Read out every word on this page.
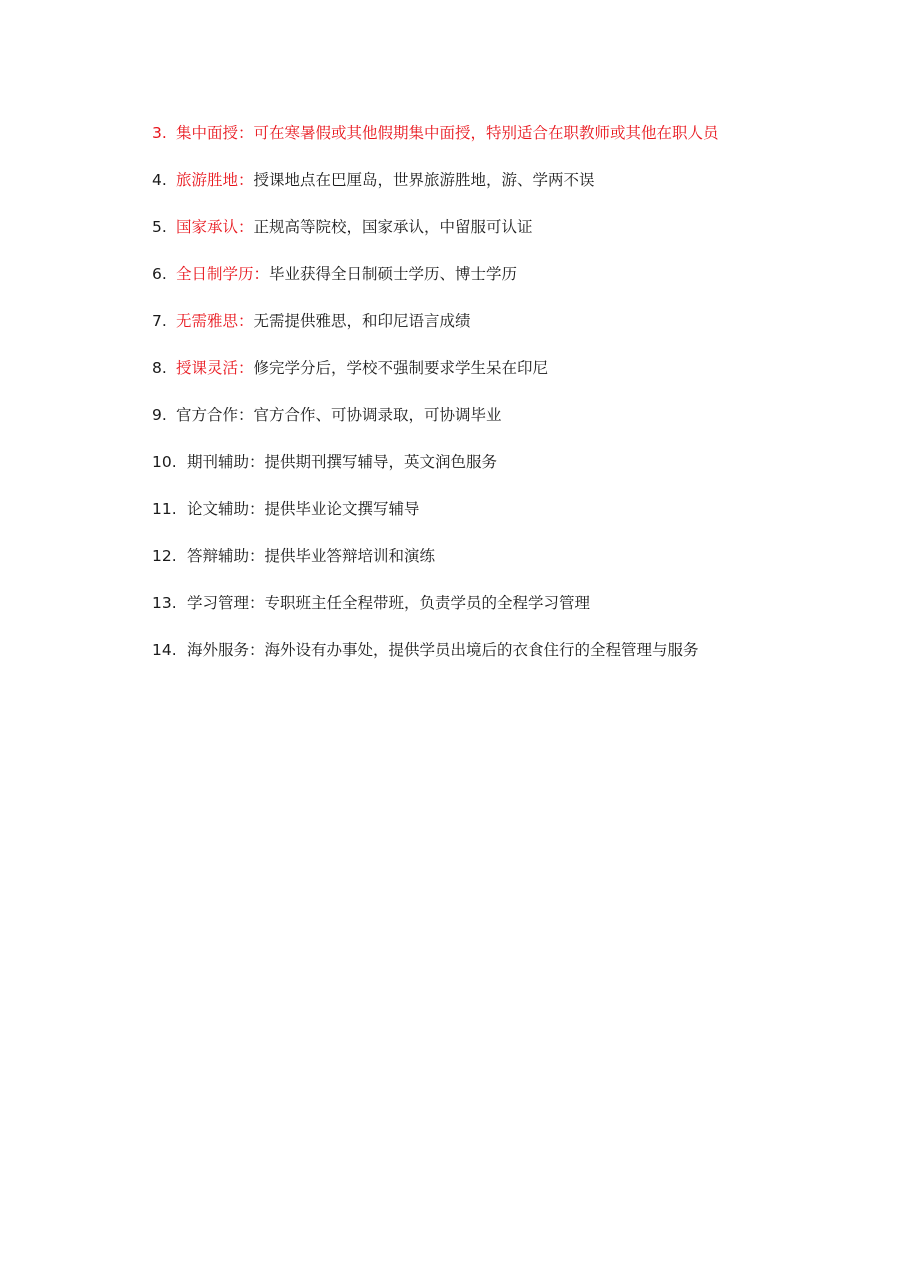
3. 集中面授：可在寒暑假或其他假期集中面授，特别适合在职教师或其他在职人员
4. 旅游胜地：授课地点在巴厘岛，世界旅游胜地，游、学两不误
5. 国家承认：正规高等院校，国家承认，中留服可认证
6. 全日制学历：毕业获得全日制硕士学历、博士学历
7. 无需雅思：无需提供雅思，和印尼语言成绩
8. 授课灵活：修完学分后，学校不强制要求学生呆在印尼
9. 官方合作：官方合作、可协调录取，可协调毕业
10. 期刊辅助：提供期刊撰写辅导，英文润色服务
11. 论文辅助：提供毕业论文撰写辅导
12. 答辩辅助：提供毕业答辩培训和演练
13. 学习管理：专职班主任全程带班，负责学员的全程学习管理
14. 海外服务：海外设有办事处，提供学员出境后的衣食住行的全程管理与服务
